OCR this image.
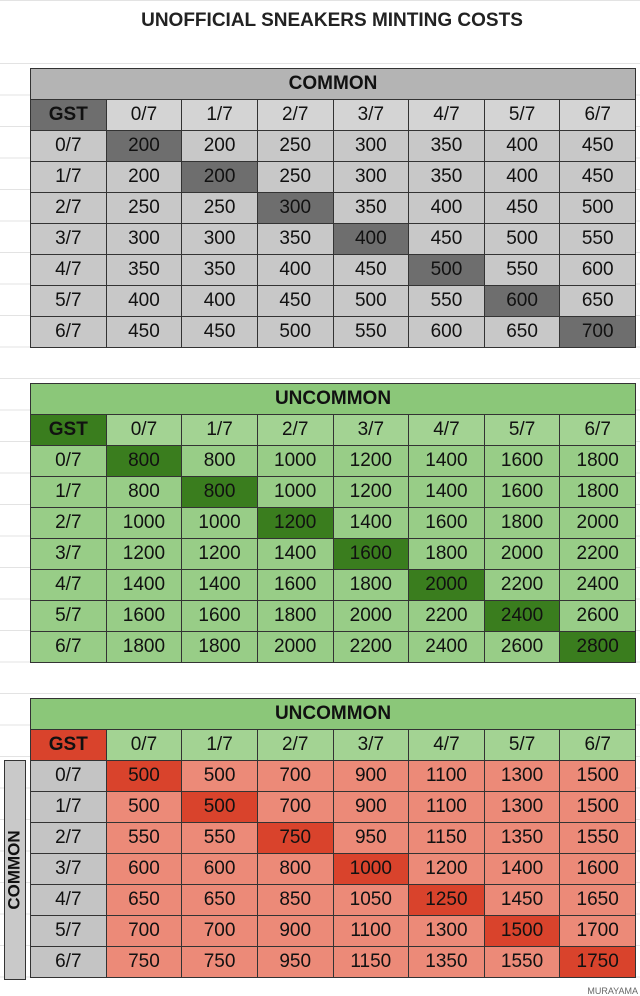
UNOFFICIAL SNEAKERS MINTING COSTS
COMMON							
GST	0/7	1/7	2/7	3/7	4/7	5/7	6/7
0/7	200	200	250	300	350	400	450
1/7	200	200	250	300	350	400	450
2/7	250	250	300	350	400	450	500
3/7	300	300	350	400	450	500	550
4/7	350	350	400	450	500	550	600
5/7	400	400	450	500	550	600	650
6/7	450	450	500	550	600	650	700
UNCOMMON							
GST	0/7	1/7	2/7	3/7	4/7	5/7	6/7
0/7	800	800	1000	1200	1400	1600	1800
1/7	800	800	1000	1200	1400	1600	1800
2/7	1000	1000	1200	1400	1600	1800	2000
3/7	1200	1200	1400	1600	1800	2000	2200
4/7	1400	1400	1600	1800	2000	2200	2400
5/7	1600	1600	1800	2000	2200	2400	2600
6/7	1800	1800	2000	2200	2400	2600	2800
UNCOMMON							
GST	0/7	1/7	2/7	3/7	4/7	5/7	6/7
0/7	500	500	700	900	1100	1300	1500
1/7	500	500	700	900	1100	1300	1500
2/7	550	550	750	950	1150	1350	1550
3/7	600	600	800	1000	1200	1400	1600
4/7	650	650	850	1050	1250	1450	1650
5/7	700	700	900	1100	1300	1500	1700
6/7	750	750	950	1150	1350	1550	1750
COMMON
MURAYAMA
